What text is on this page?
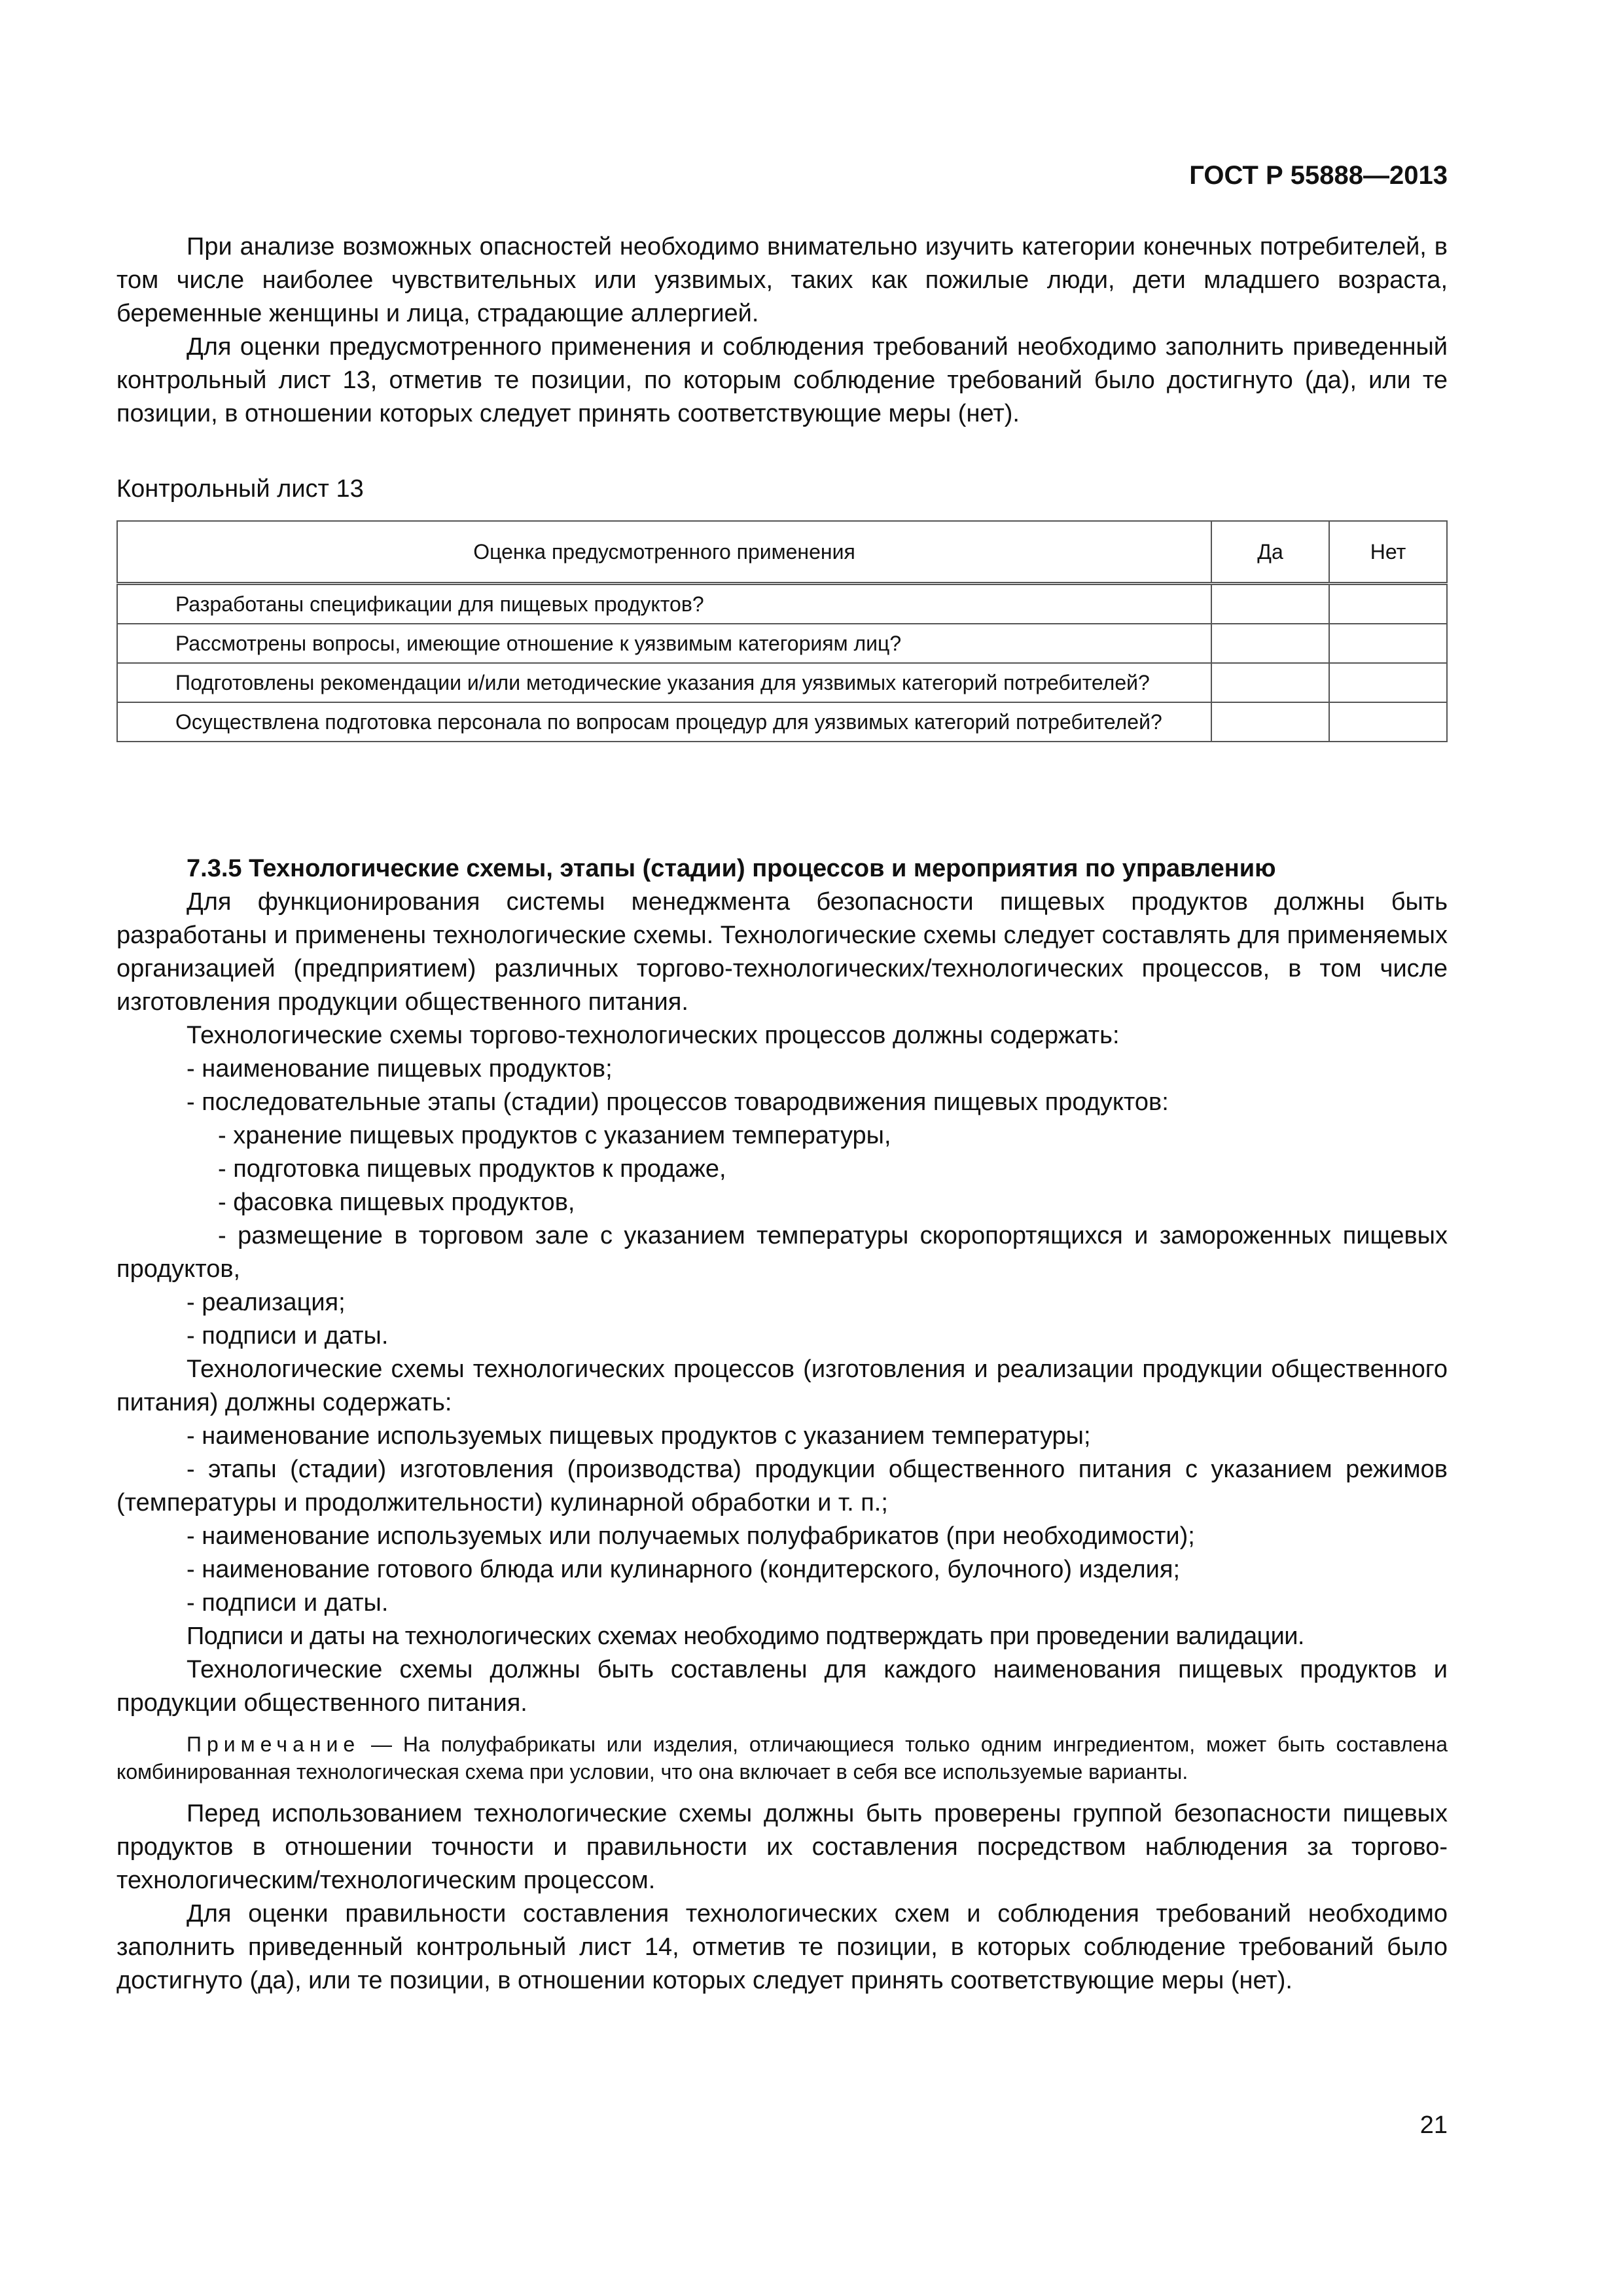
ГОСТ Р 55888—2013

При анализе возможных опасностей необходимо внимательно изучить категории конечных потребителей, в том числе наиболее чувствительных или уязвимых, таких как пожилые люди, дети младшего возраста, беременные женщины и лица, страдающие аллергией.

Для оценки предусмотренного применения и соблюдения требований необходимо заполнить приведенный контрольный лист 13, отметив те позиции, по которым соблюдение требований было достигнуто (да), или те позиции, в отношении которых следует принять соответствующие меры (нет).

Контрольный лист 13
Оценка предусмотренного применения	Да	Нет
Разработаны спецификации для пищевых продуктов?		
Рассмотрены вопросы, имеющие отношение к уязвимым категориям лиц?		
Подготовлены рекомендации и/или методические указания для уязвимых категорий потребителей?		
Осуществлена подготовка персонала по вопросам процедур для уязвимых категорий потребителей?		
7.3.5 Технологические схемы, этапы (стадии) процессов и мероприятия по управлению

Для функционирования системы менеджмента безопасности пищевых продуктов должны быть разработаны и применены технологические схемы. Технологические схемы следует составлять для применяемых организацией (предприятием) различных торгово-технологических/технологических процессов, в том числе изготовления продукции общественного питания.

Технологические схемы торгово-технологических процессов должны содержать:

- наименование пищевых продуктов;

- последовательные этапы (стадии) процессов товародвижения пищевых продуктов:

- хранение пищевых продуктов с указанием температуры,

- подготовка пищевых продуктов к продаже,

- фасовка пищевых продуктов,

- размещение в торговом зале с указанием температуры скоропортящихся и замороженных пищевых продуктов,

- реализация;

- подписи и даты.

Технологические схемы технологических процессов (изготовления и реализации продукции общественного питания) должны содержать:

- наименование используемых пищевых продуктов с указанием температуры;

- этапы (стадии) изготовления (производства) продукции общественного питания с указанием режимов (температуры и продолжительности) кулинарной обработки и т. п.;

- наименование используемых или получаемых полуфабрикатов (при необходимости);

- наименование готового блюда или кулинарного (кондитерского, булочного) изделия;

- подписи и даты.

Подписи и даты на технологических схемах необходимо подтверждать при проведении валидации.

Технологические схемы должны быть составлены для каждого наименования пищевых продуктов и продукции общественного питания.

Примечание — На полуфабрикаты или изделия, отличающиеся только одним ингредиентом, может быть составлена комбинированная технологическая схема при условии, что она включает в себя все используемые варианты.

Перед использованием технологические схемы должны быть проверены группой безопасности пищевых продуктов в отношении точности и правильности их составления посредством наблюдения за торгово-технологическим/технологическим процессом.

Для оценки правильности составления технологических схем и соблюдения требований необходимо заполнить приведенный контрольный лист 14, отметив те позиции, в которых соблюдение требований было достигнуто (да), или те позиции, в отношении которых следует принять соответствующие меры (нет).

21
